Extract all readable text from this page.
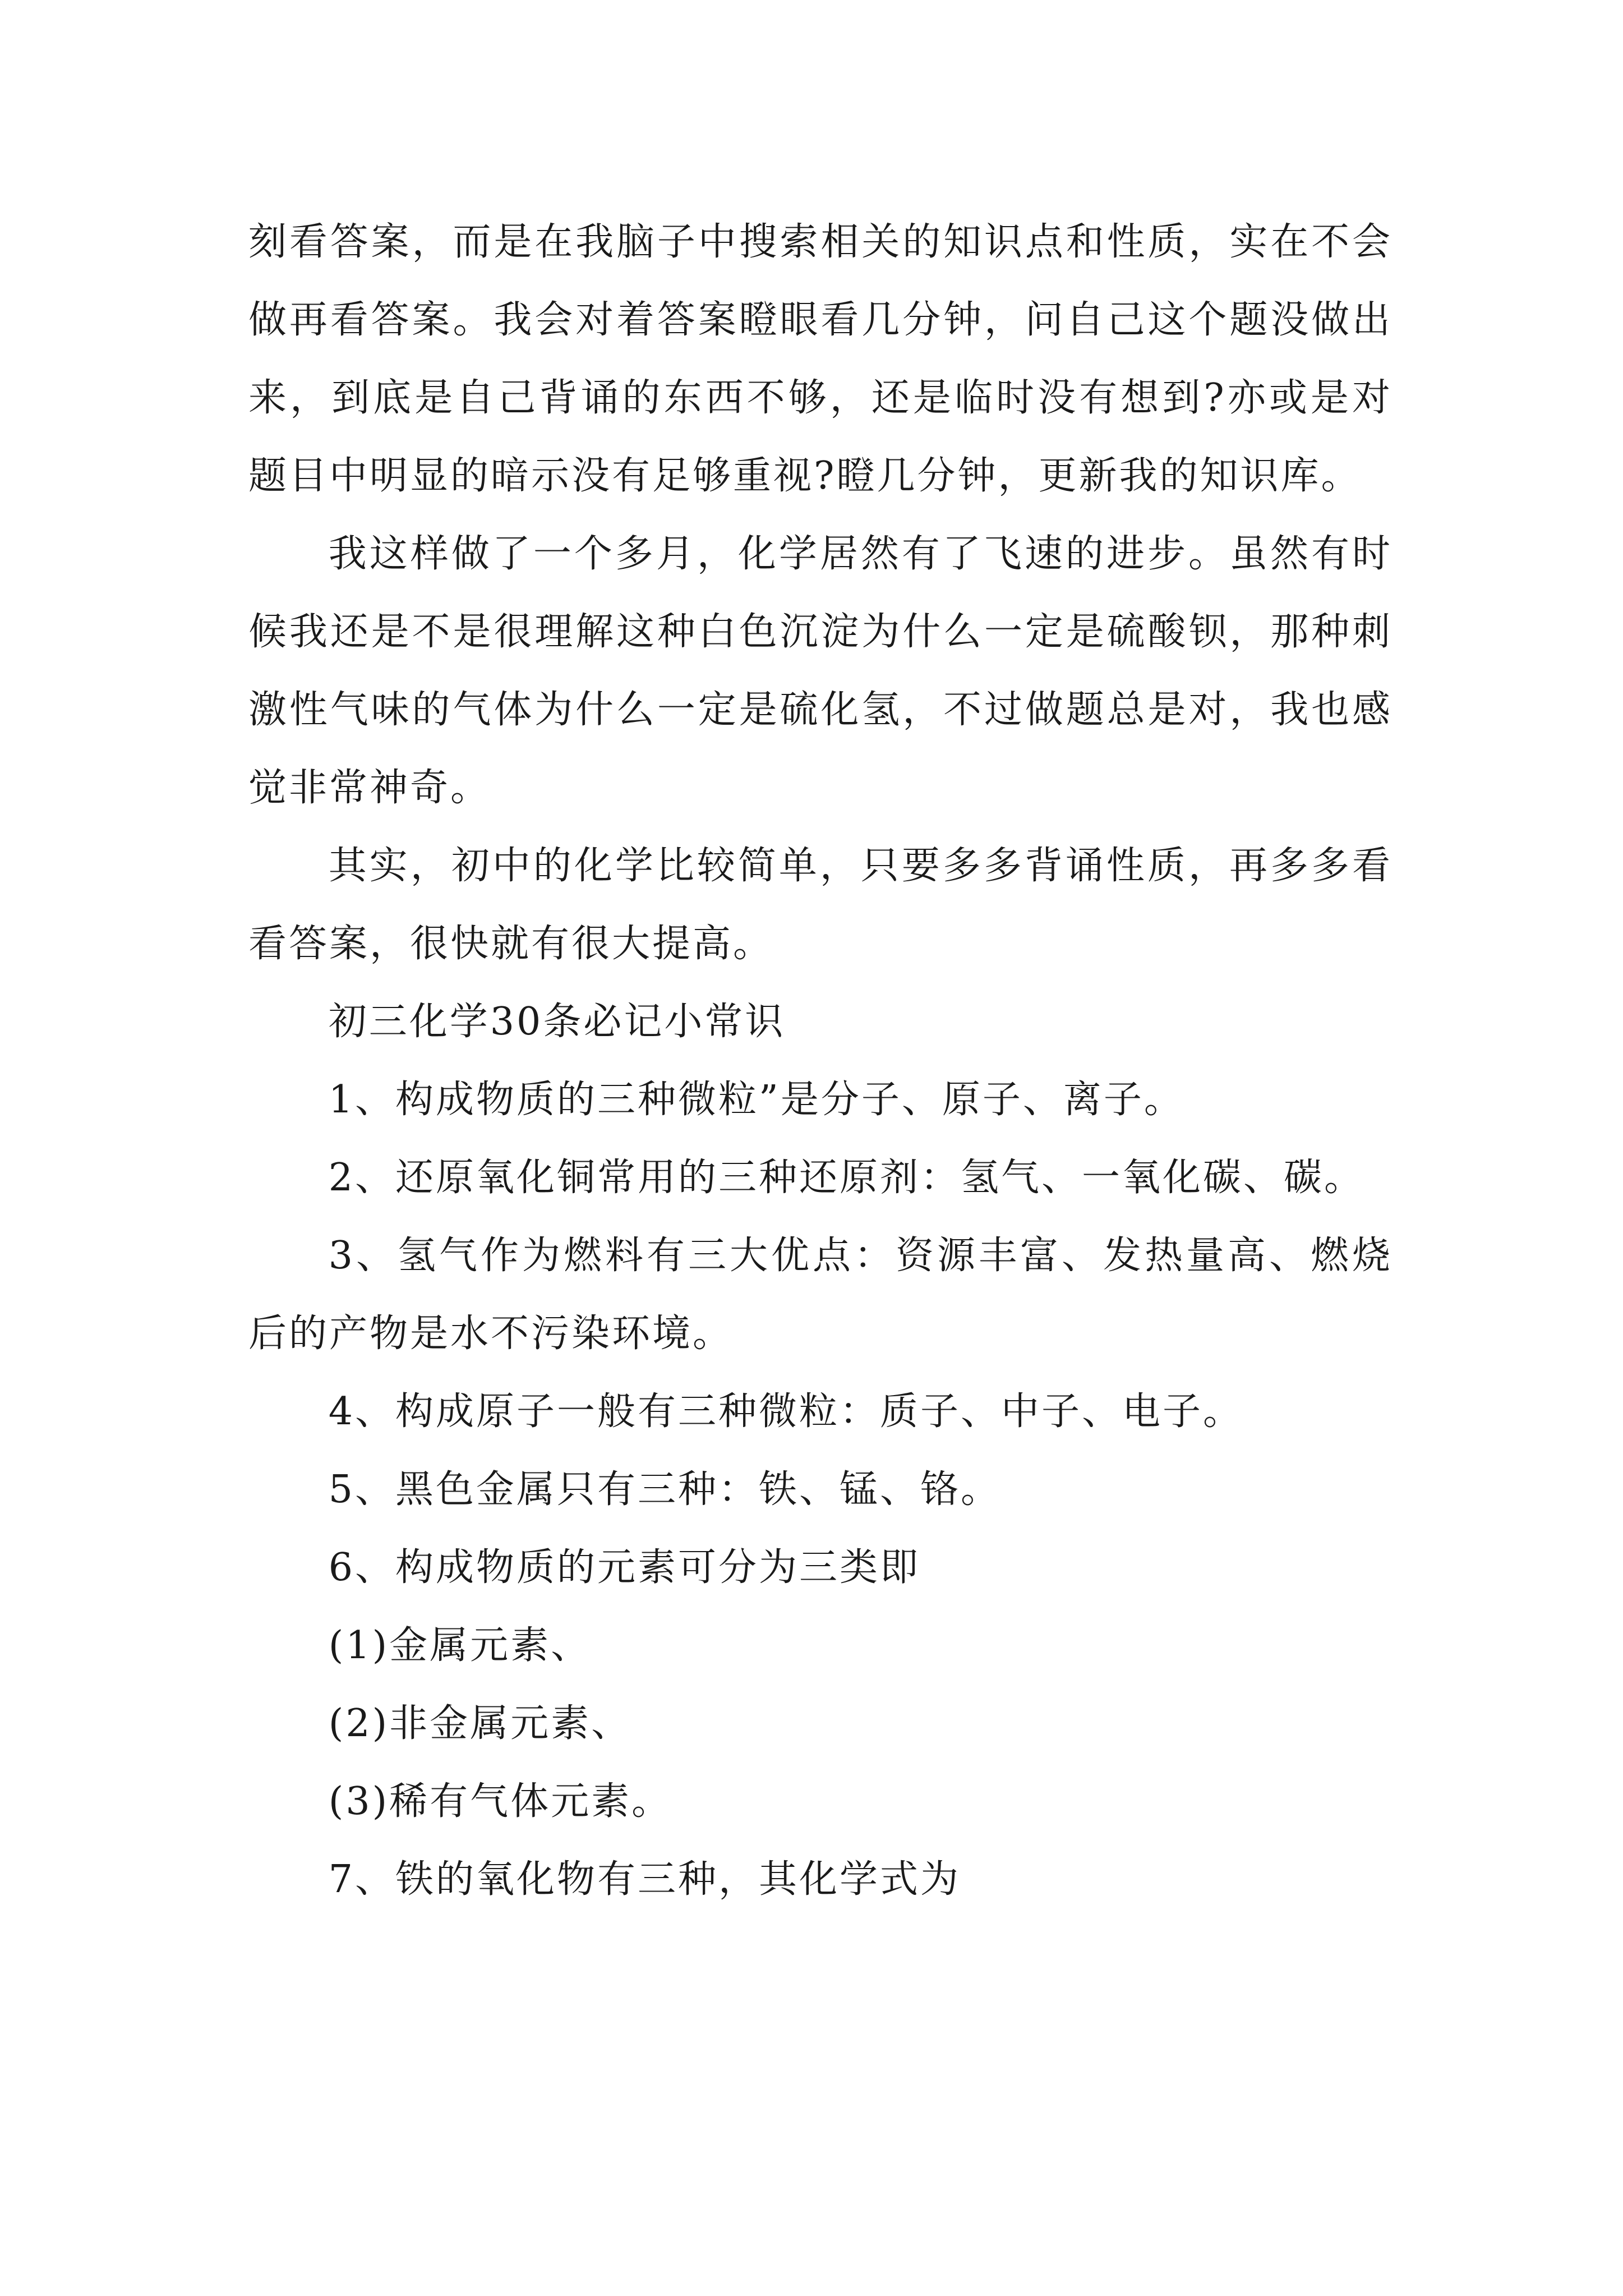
刻看答案，而是在我脑子中搜索相关的知识点和性质，实在不会做再看答案。我会对着答案瞪眼看几分钟，问自己这个题没做出来，到底是自己背诵的东西不够，还是临时没有想到?亦或是对题目中明显的暗示没有足够重视?瞪几分钟，更新我的知识库。

我这样做了一个多月，化学居然有了飞速的进步。虽然有时候我还是不是很理解这种白色沉淀为什么一定是硫酸钡，那种刺激性气味的气体为什么一定是硫化氢，不过做题总是对，我也感觉非常神奇。

其实，初中的化学比较简单，只要多多背诵性质，再多多看看答案，很快就有很大提高。

初三化学30条必记小常识

1、构成物质的三种微粒”是分子、原子、离子。

2、还原氧化铜常用的三种还原剂：氢气、一氧化碳、碳。

3、氢气作为燃料有三大优点：资源丰富、发热量高、燃烧后的产物是水不污染环境。

4、构成原子一般有三种微粒：质子、中子、电子。

5、黑色金属只有三种：铁、锰、铬。

6、构成物质的元素可分为三类即

(1)金属元素、

(2)非金属元素、

(3)稀有气体元素。

7、铁的氧化物有三种，其化学式为
